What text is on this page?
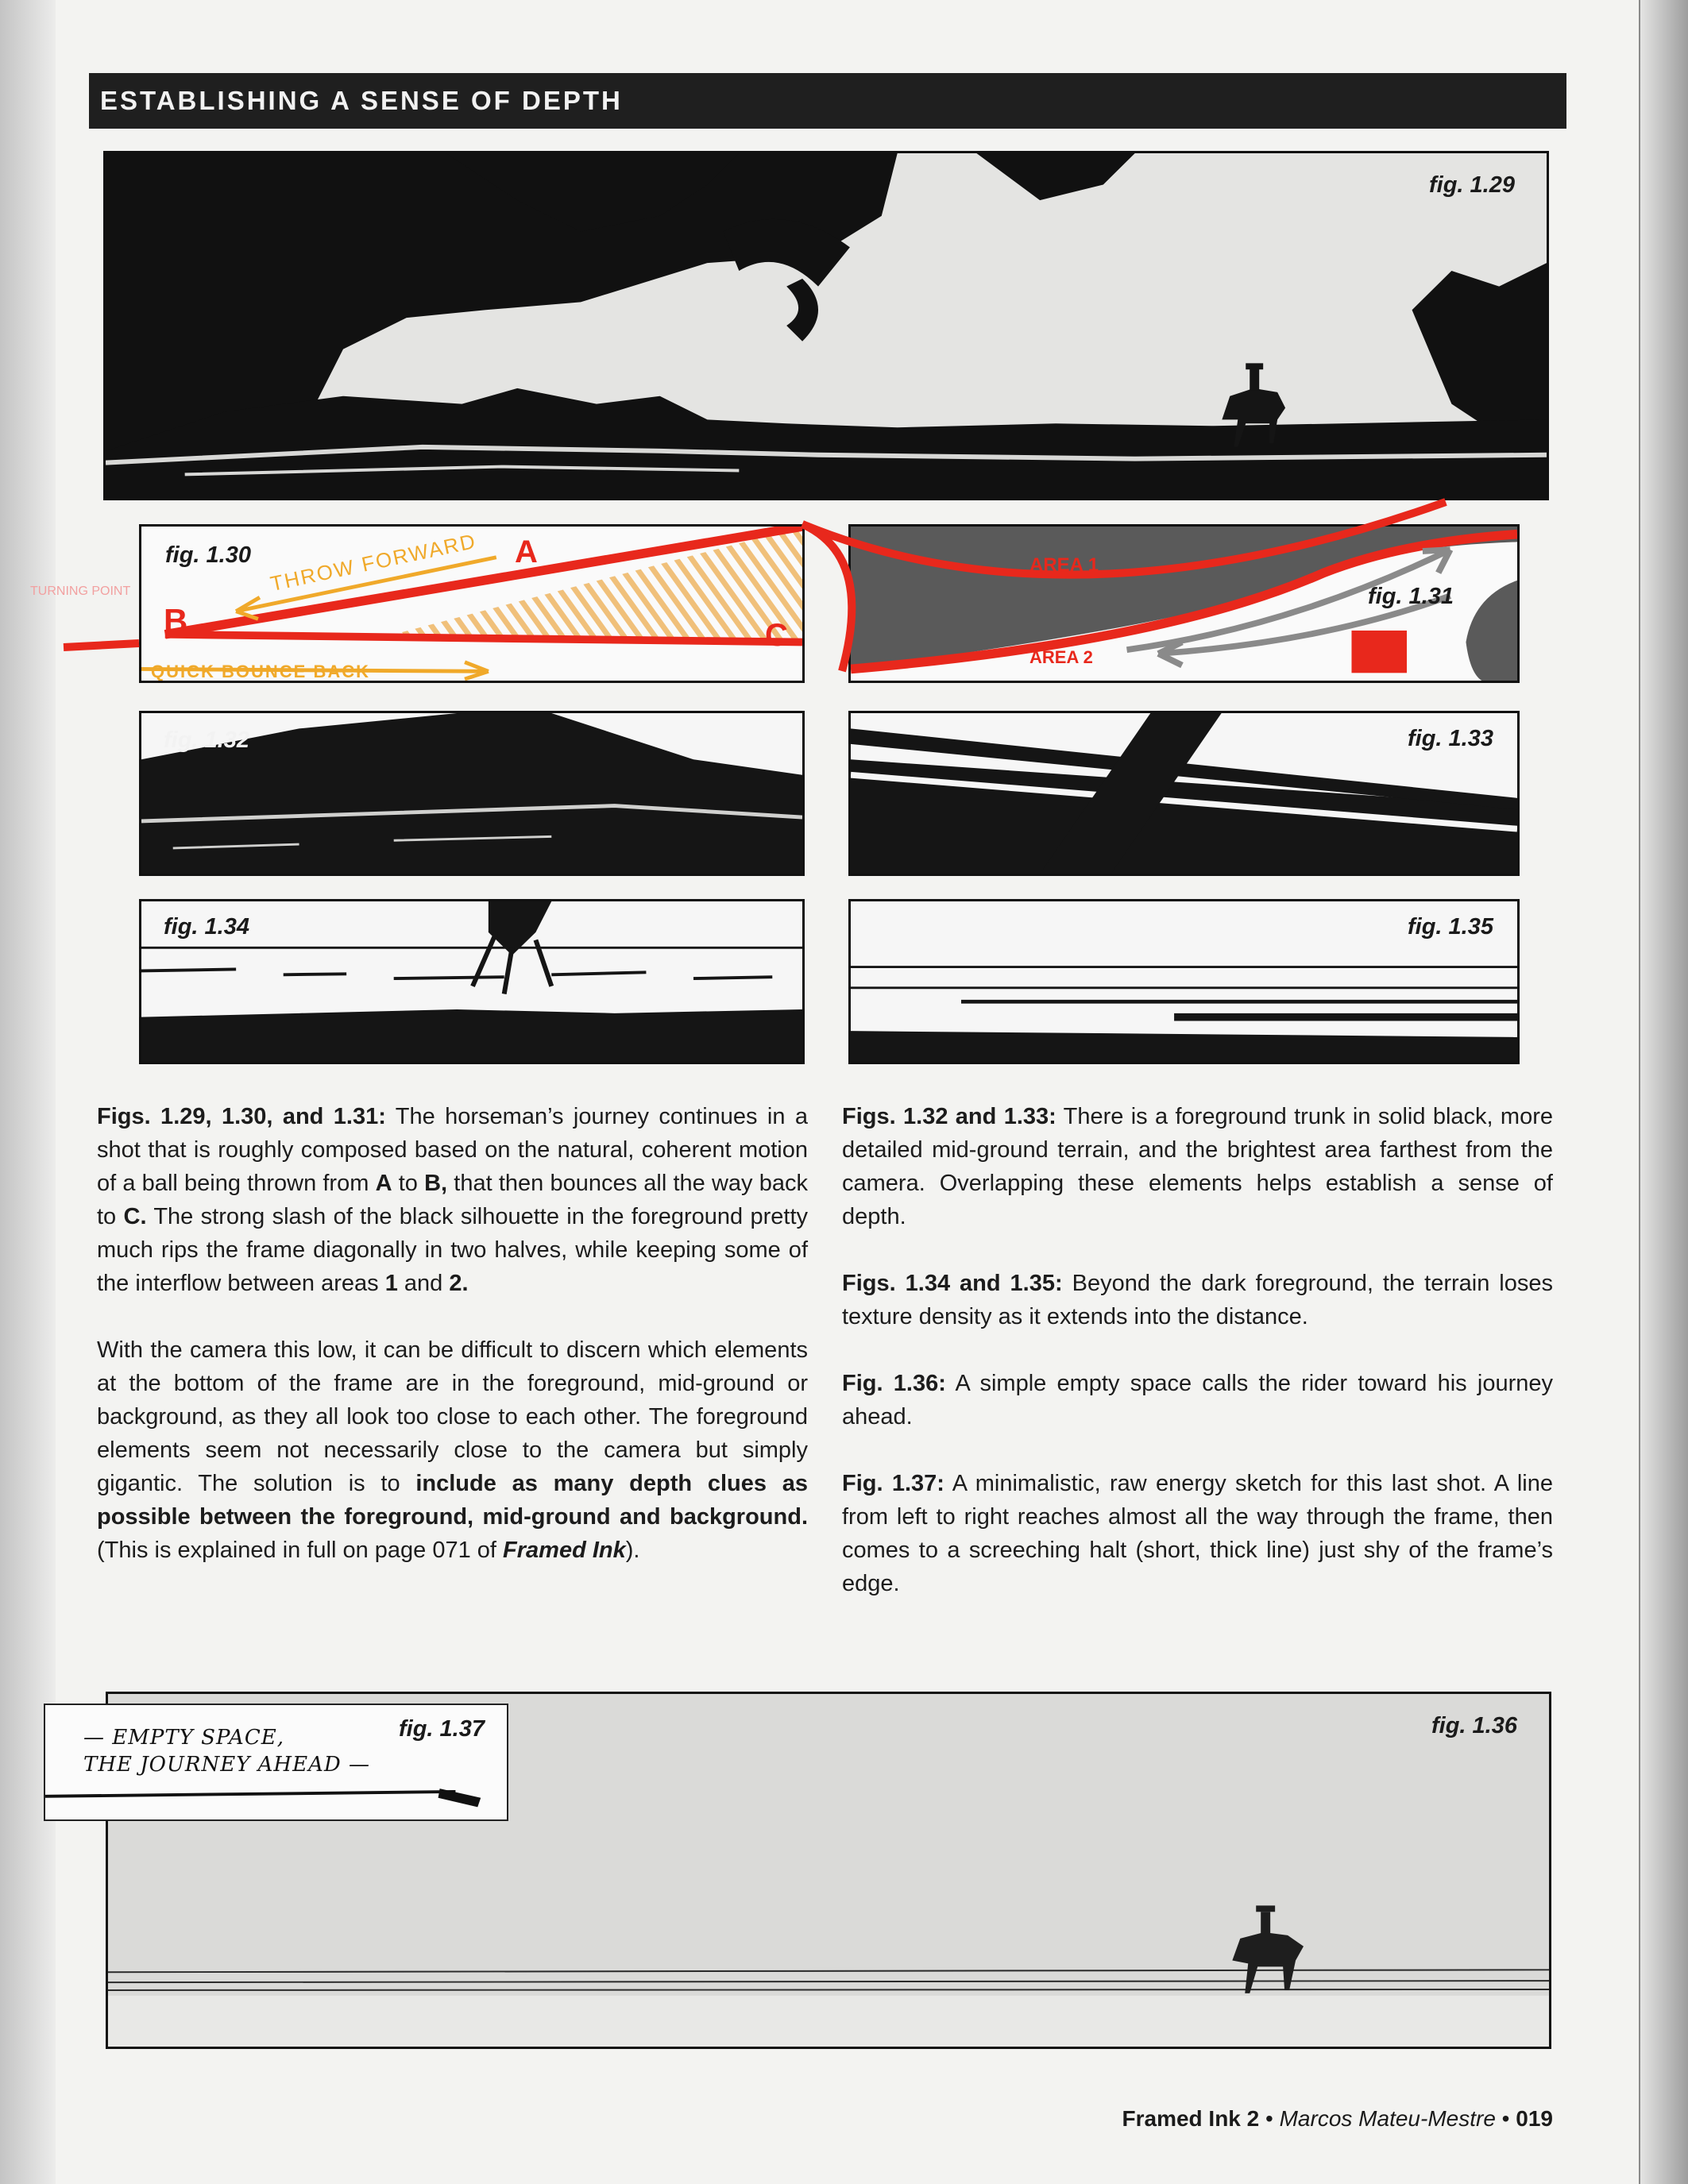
ESTABLISHING A SENSE OF DEPTH
fig. 1.29
fig. 1.30 THROW FORWARD A
B	C
QUICK BOUNCE BACK
AREA 1
AREA 2
fig. 1.31
fig. 1.32	fig. 1.33
fig. 1.34	fig. 1.35
TURNING POINT

Figs. 1.29, 1.30, and 1.31: The horseman’s journey continues in a shot that is roughly composed based on the natural, coherent motion of a ball being thrown from A to B, that then bounces all the way back to C. The strong slash of the black silhouette in the foreground pretty much rips the frame diagonally in two halves, while keeping some of the interflow between areas 1 and 2.

With the camera this low, it can be difficult to discern which elements at the bottom of the frame are in the foreground, mid-ground or background, as they all look too close to each other. The foreground elements seem not necessarily close to the camera but simply gigantic. The solution is to include as many depth clues as possible between the foreground, mid-ground and background. (This is explained in full on page 071 of Framed Ink).

Figs. 1.32 and 1.33: There is a foreground trunk in solid black, more detailed mid-ground terrain, and the brightest area farthest from the camera. Overlapping these elements helps establish a sense of depth.

Figs. 1.34 and 1.35: Beyond the dark foreground, the terrain loses texture density as it extends into the distance.

Fig. 1.36: A simple empty space calls the rider toward his journey ahead.

Fig. 1.37: A minimalistic, raw energy sketch for this last shot. A line from left to right reaches almost all the way through the frame, then comes to a screeching halt (short, thick line) just shy of the frame’s edge.

fig. 1.36
— EMPTY SPACE,
THE JOURNEY AHEAD —
fig. 1.37
Framed Ink 2 • Marcos Mateu-Mestre • 019
